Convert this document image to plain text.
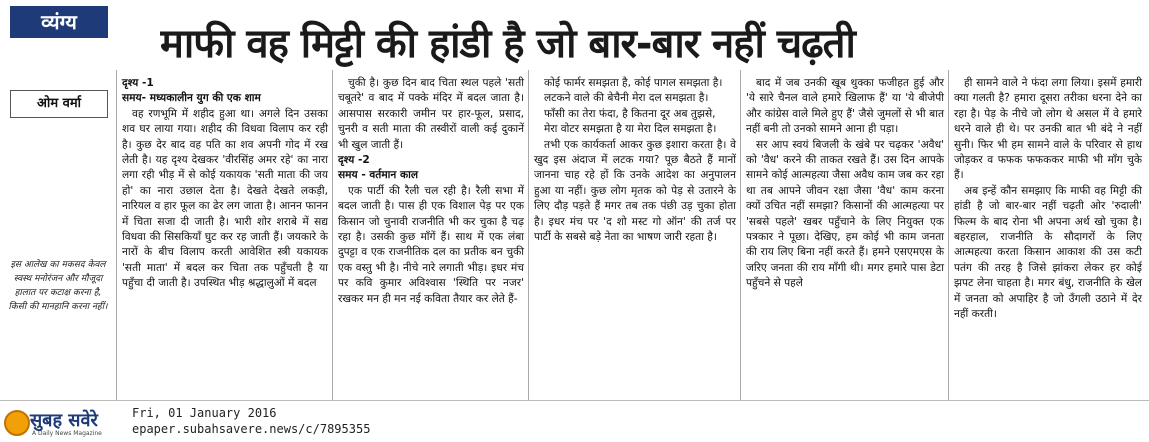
व्यंग्य	माफी वह मिट्टी की हांडी है जो बार-बार नहीं चढ़ती
ओम वर्मा
इस आलेख का मकसद केवल स्वस्थ मनोरंजन और मौजूदा हालात पर कटाक्ष करना है, किसी की मानहानि करना नहीं।

दृश्य -1

समय- मध्यकालीन युग की एक शाम

वह रणभूमि में शहीद हुआ था। अगले दिन उसका शव घर लाया गया। शहीद की विधवा विलाप कर रही है। कुछ देर बाद वह पति का शव अपनी गोद में रख लेती है। यह दृश्य देखकर 'वीरसिंह अमर रहे' का नारा लगा रही भीड़ में से कोई यकायक 'सती माता की जय हो' का नारा उछाल देता है। देखते देखते लकड़ी, नारियल व हार फूल का ढेर लग जाता है। आनन फानन में चिता सजा दी जाती है। भारी शोर शराबे में सद्य विधवा की सिसकियाँ घुट कर रह जाती हैं। जयकारे के नारों के बीच विलाप करती आवेशित स्त्री यकायक 'सती माता' में बदल कर चिता तक पहुँचती है या पहुँचा दी जाती है। उपस्थित भीड़ श्रद्धालुओं में बदल

चुकी है। कुछ दिन बाद चिता स्थल पहले 'सती चबूतरे' व बाद में पक्के मंदिर में बदल जाता है। आसपास सरकारी जमीन पर हार-फूल, प्रसाद, चुनरी व सती माता की तस्वीरों वाली कई दुकानें भी खुल जाती हैं।

दृश्य -2

समय - वर्तमान काल

एक पार्टी की रैली चल रही है। रैली सभा में बदल जाती है। पास ही एक विशाल पेड़ पर एक किसान जो चुनावी राजनीति भी कर चुका है चढ़ रहा है। उसकी कुछ माँगें हैं। साथ में एक लंबा दुपट्टा व एक राजनीतिक दल का प्रतीक बन चुकी एक वस्तु भी है। नीचे नारे लगाती भीड़। इधर मंच पर कवि कुमार अविश्वास 'स्थिति पर नजर' रखकर मन ही मन नई कविता तैयार कर लेते हैं-

कोई फार्मर समझता है, कोई पागल समझता है।

लटकने वाले की बेचैनी मेरा दल समझता है।

फाँसी का तेरा फंदा, है कितना दूर अब तुझसे,

मेरा वोटर समझता है या मेरा दिल समझता है।

तभी एक कार्यकर्ता आकर कुछ इशारा करता है। वे खुद इस अंदाज में लटक गया? पूछ बैठते हैं मानों जानना चाह रहे हों कि उनके आदेश का अनुपालन हुआ या नहीं। कुछ लोग मृतक को पेड़ से उतारने के लिए दौड़ पड़ते हैं मगर तब तक पंछी उड़ चुका होता है। इधर मंच पर 'द शो मस्ट गो ऑन' की तर्ज पर पार्टी के सबसे बड़े नेता का भाषण जारी रहता है।

बाद में जब उनकी खूब थुक्का फजीहत हुई और 'ये सारे चैनल वाले हमारे खिलाफ हैं' या 'ये बीजेपी और कांग्रेस वाले मिले हुए हैं' जैसे जुमलों से भी बात नहीं बनी तो उनको सामने आना ही पड़ा।

सर आप स्वयं बिजली के खंबे पर चढ़कर 'अवैध' को 'वैध' करने की ताकत रखते हैं। उस दिन आपके सामने कोई आत्महत्या जैसा अवैध काम जब कर रहा था तब आपने जीवन रक्षा जैसा 'वैध' काम करना क्यों उचित नहीं समझा? किसानों की आत्महत्या पर 'सबसे पहले' खबर पहुँचाने के लिए नियुक्त एक पत्रकार ने पूछा। देखिए, हम कोई भी काम जनता की राय लिए बिना नहीं करते हैं। हमने एसएमएस के जरिए जनता की राय माँगी थी। मगर हमारे पास डेटा पहुँचने से पहले

ही सामने वाले ने फंदा लगा लिया। इसमें हमारी क्या गलती है? हमारा दूसरा तरीका धरना देने का रहा है। पेड़ के नीचे जो लोग थे असल में वे हमारे धरने वाले ही थे। पर उनकी बात भी बंदे ने नहीं सुनी। फिर भी हम सामने वाले के परिवार से हाथ जोड़कर व फफक फफककर माफी भी माँग चुके हैं।

अब इन्हें कौन समझाए कि माफी वह मिट्टी की हांडी है जो बार-बार नहीं चढ़ती ओर 'रुदाली' फिल्म के बाद रोना भी अपना अर्थ खो चुका है। बहरहाल, राजनीति के सौदागरों के लिए आत्महत्या करता किसान आकाश की उस कटी पतंग की तरह है जिसे झांकरा लेकर हर कोई झपट लेना चाहता है। मगर बंधु, राजनीति के खेल में जनता को अपाहिर है जो उँगली उठाने में देर नहीं करती।

सुबह सवेरे
A Daily News Magazine
Fri, 01 January 2016
epaper.subahsavere.news/c/7895355
